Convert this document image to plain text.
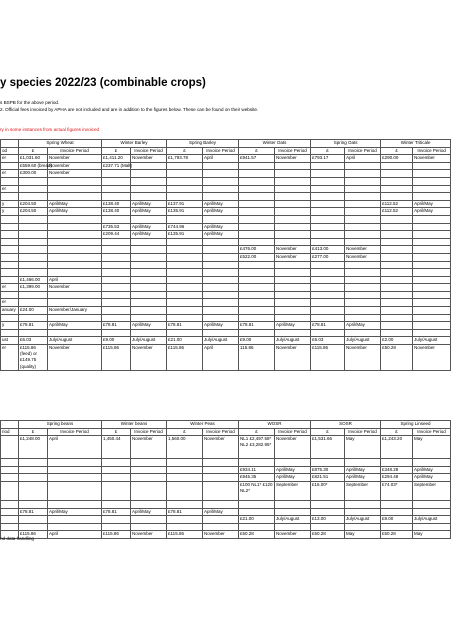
y species 2022/23 (combinable crops)
s BSPB for the above period.
2. Official fees invoiced by APHA are not included and are in addition to the figures below. These can be found on their website.
ry in some instances from actual figures invoiced
	Spring Wheat		Winter Barley		Spring Barley		Winter Oats		Spring Oats		Winter Triticale	
od	£	Invoice Period	£	Invoice Period	£	Invoice Period	£	Invoice Period	£	Invoice Period	£	Invoice Period
er	£1,031.60	November	£1,411.20	November	£1,793.78	April	£941.57	November	£793.17	April	£290.00	November
	£559.60 (bread)	November	£237.71 (Malt)									
er	£300.00	November										

er												

y	£204.50	April/May	£138.40	April/May	£137.91	April/May					£112.52	April/May
y	£204.50	April/May	£138.40	April/May	£135.91	April/May					£112.52	April/May

			£735.53	April/May	£744.96	April/May						
			£209.44	April/May	£135.91	April/May						

							£476.00	November	£413.00	November		
							£522.00	November	£277.00	November		

	£1,466.00	April										
er	£1,399.00	November										

er												
anuary	£24.00	November/January										

y	£78.81	April/May	£78.81	April/May	£78.81	April/May	£78.81	April/May	£78.81	April/May		

ust	£6.03	July/August	£9.00	July/August	£21.00	July/August	£9.00	July/August	£6.03	July/August	£2.00	July/August
er	£115.86 (feed) or £149.75 (quality)	November	£115.86	November	£115.86	April	115.86	November	£115.86	November	£50.28	November
	Spring beans		Winter beans		Winter Peas		WOSR		SOSR		Spring Linseed	
riod	£	Invoice Period	£	Invoice Period	£	Invoice Period	£	Invoice Period	£	Invoice Period	£	Invoice Period
	£1,248.00	April	1,450.44	November	1,560.00	November	NL1 £2,497.58* NL2 £3,282.95*	November	£1,531.66	May	£1,243.20	May

							£934.11	April/May	£875.30	April/May	£348.28	April/May
							£945.35	April/May	£821.51	April/May	£294.48	April/May
							£100 NL1* £120 NL2*	September	£16.00*	September	£74.03*	September

	£78.81	April/May	£78.81	April/May	£78.81	April/May						
							£21.00	July/August	£13.00	July/August	£9.00	July/August

	£115.86	April	£115.86	November	£115.86	November	£50.28	November	£50.28	May	£50.28	May
nd data handling
